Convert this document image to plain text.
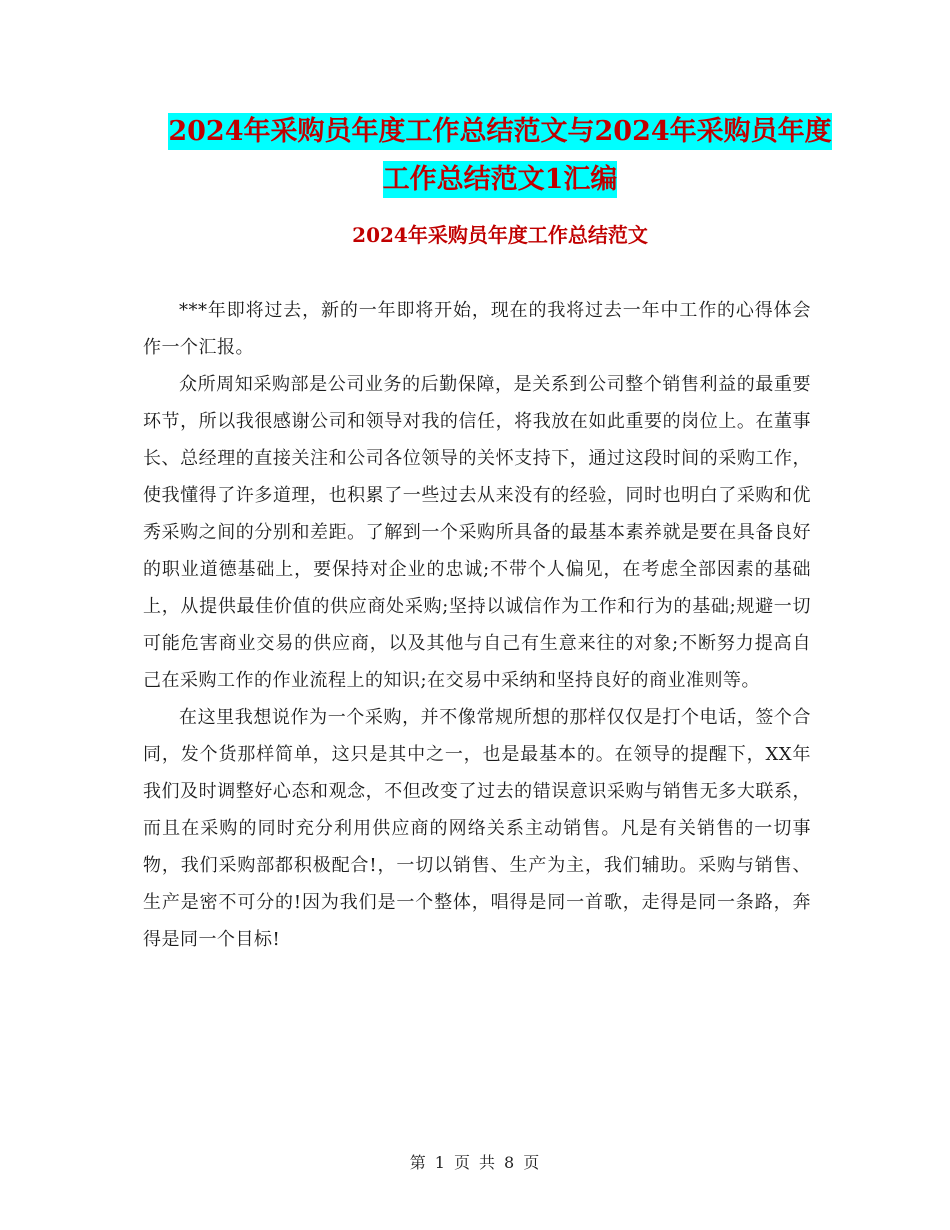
2024年采购员年度工作总结范文与2024年采购员年度
工作总结范文1汇编
2024年采购员年度工作总结范文

***年即将过去，新的一年即将开始，现在的我将过去一年中工作的心得体会作一个汇报。

众所周知采购部是公司业务的后勤保障，是关系到公司整个销售利益的最重要环节，所以我很感谢公司和领导对我的信任，将我放在如此重要的岗位上。在董事长、总经理的直接关注和公司各位领导的关怀支持下，通过这段时间的采购工作，使我懂得了许多道理，也积累了一些过去从来没有的经验，同时也明白了采购和优秀采购之间的分别和差距。了解到一个采购所具备的最基本素养就是要在具备良好的职业道德基础上，要保持对企业的忠诚;不带个人偏见，在考虑全部因素的基础上，从提供最佳价值的供应商处采购;坚持以诚信作为工作和行为的基础;规避一切可能危害商业交易的供应商，以及其他与自己有生意来往的对象;不断努力提高自己在采购工作的作业流程上的知识;在交易中采纳和坚持良好的商业准则等。

在这里我想说作为一个采购，并不像常规所想的那样仅仅是打个电话，签个合同，发个货那样简单，这只是其中之一，也是最基本的。在领导的提醒下，XX年我们及时调整好心态和观念，不但改变了过去的错误意识采购与销售无多大联系，而且在采购的同时充分利用供应商的网络关系主动销售。凡是有关销售的一切事物，我们采购部都积极配合!，一切以销售、生产为主，我们辅助。采购与销售、生产是密不可分的!因为我们是一个整体，唱得是同一首歌，走得是同一条路，奔得是同一个目标!

第 1 页 共 8 页
